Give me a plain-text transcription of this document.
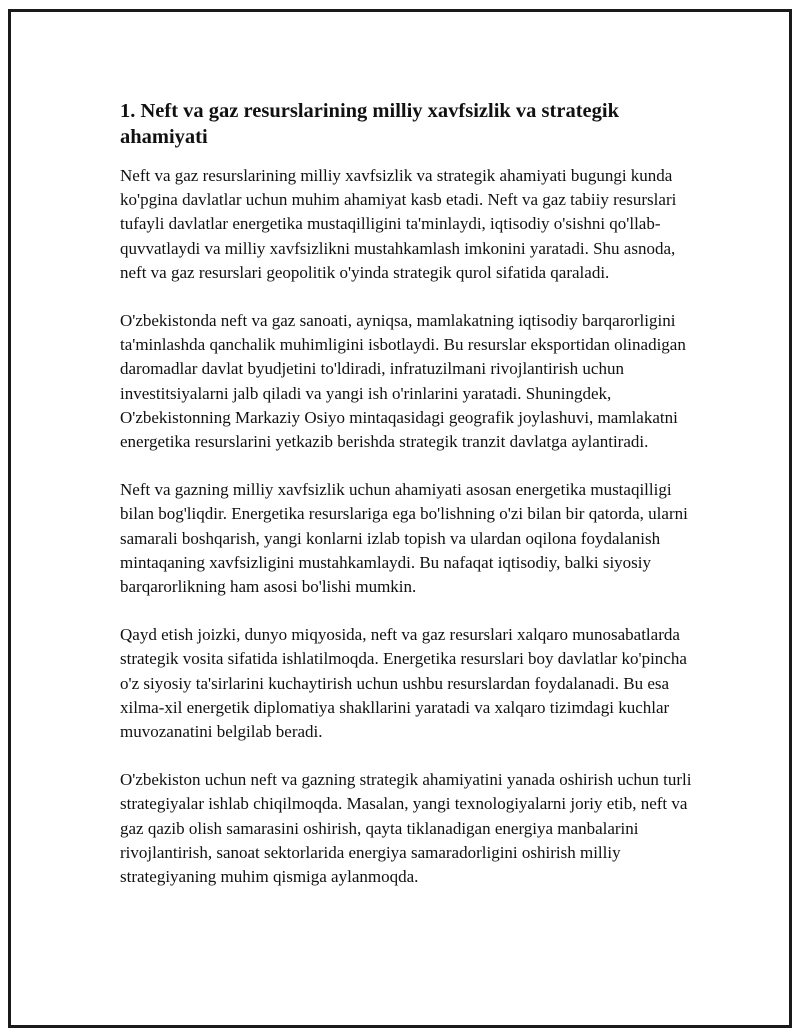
1. Neft va gaz resurslarining milliy xavfsizlik va strategik ahamiyati

Neft va gaz resurslarining milliy xavfsizlik va strategik ahamiyati bugungi kunda ko'pgina davlatlar uchun muhim ahamiyat kasb etadi. Neft va gaz tabiiy resurslari tufayli davlatlar energetika mustaqilligini ta'minlaydi, iqtisodiy o'sishni qo'llab-quvvatlaydi va milliy xavfsizlikni mustahkamlash imkonini yaratadi. Shu asnoda, neft va gaz resurslari geopolitik o'yinda strategik qurol sifatida qaraladi.

O'zbekistonda neft va gaz sanoati, ayniqsa, mamlakatning iqtisodiy barqarorligini ta'minlashda qanchalik muhimligini isbotlaydi. Bu resurslar eksportidan olinadigan daromadlar davlat byudjetini to'ldiradi, infratuzilmani rivojlantirish uchun investitsiyalarni jalb qiladi va yangi ish o'rinlarini yaratadi. Shuningdek, O'zbekistonning Markaziy Osiyo mintaqasidagi geografik joylashuvi, mamlakatni energetika resurslarini yetkazib berishda strategik tranzit davlatga aylantiradi.

Neft va gazning milliy xavfsizlik uchun ahamiyati asosan energetika mustaqilligi bilan bog'liqdir. Energetika resurslariga ega bo'lishning o'zi bilan bir qatorda, ularni samarali boshqarish, yangi konlarni izlab topish va ulardan oqilona foydalanish mintaqaning xavfsizligini mustahkamlaydi. Bu nafaqat iqtisodiy, balki siyosiy barqarorlikning ham asosi bo'lishi mumkin.

Qayd etish joizki, dunyo miqyosida, neft va gaz resurslari xalqaro munosabatlarda strategik vosita sifatida ishlatilmoqda. Energetika resurslari boy davlatlar ko'pincha o'z siyosiy ta'sirlarini kuchaytirish uchun ushbu resurslardan foydalanadi. Bu esa xilma-xil energetik diplomatiya shakllarini yaratadi va xalqaro tizimdagi kuchlar muvozanatini belgilab beradi.

O'zbekiston uchun neft va gazning strategik ahamiyatini yanada oshirish uchun turli strategiyalar ishlab chiqilmoqda. Masalan, yangi texnologiyalarni joriy etib, neft va gaz qazib olish samarasini oshirish, qayta tiklanadigan energiya manbalarini rivojlantirish, sanoat sektorlarida energiya samaradorligini oshirish milliy strategiyaning muhim qismiga aylanmoqda.
